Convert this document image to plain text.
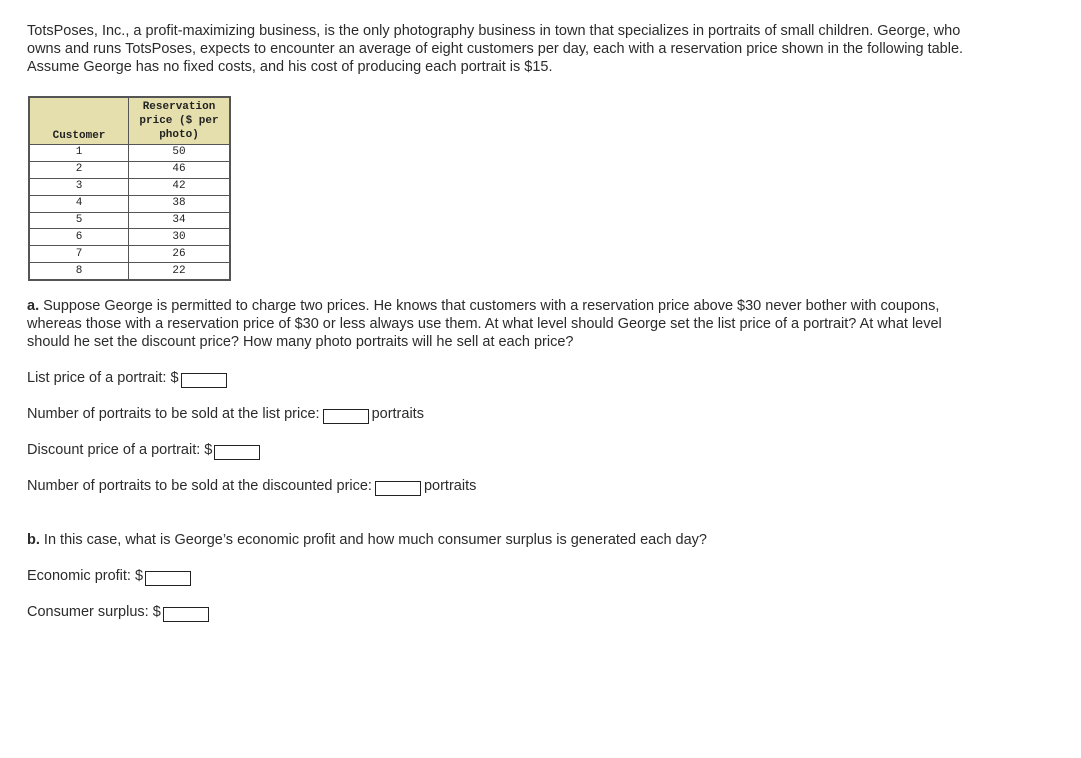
TotsPoses, Inc., a profit-maximizing business, is the only photography business in town that specializes in portraits of small children. George, who owns and runs TotsPoses, expects to encounter an average of eight customers per day, each with a reservation price shown in the following table. Assume George has no fixed costs, and his cost of producing each portrait is $15.

Customer	Reservation price ($ per photo)
1	50
2	46
3	42
4	38
5	34
6	30
7	26
8	22

a. Suppose George is permitted to charge two prices. He knows that customers with a reservation price above $30 never bother with coupons, whereas those with a reservation price of $30 or less always use them. At what level should George set the list price of a portrait? At what level should he set the discount price? How many photo portraits will he sell at each price?

List price of a portrait: $
Number of portraits to be sold at the list price:	portraits
Discount price of a portrait: $
Number of portraits to be sold at the discounted price:	portraits

b. In this case, what is George’s economic profit and how much consumer surplus is generated each day?

Economic profit: $
Consumer surplus: $
